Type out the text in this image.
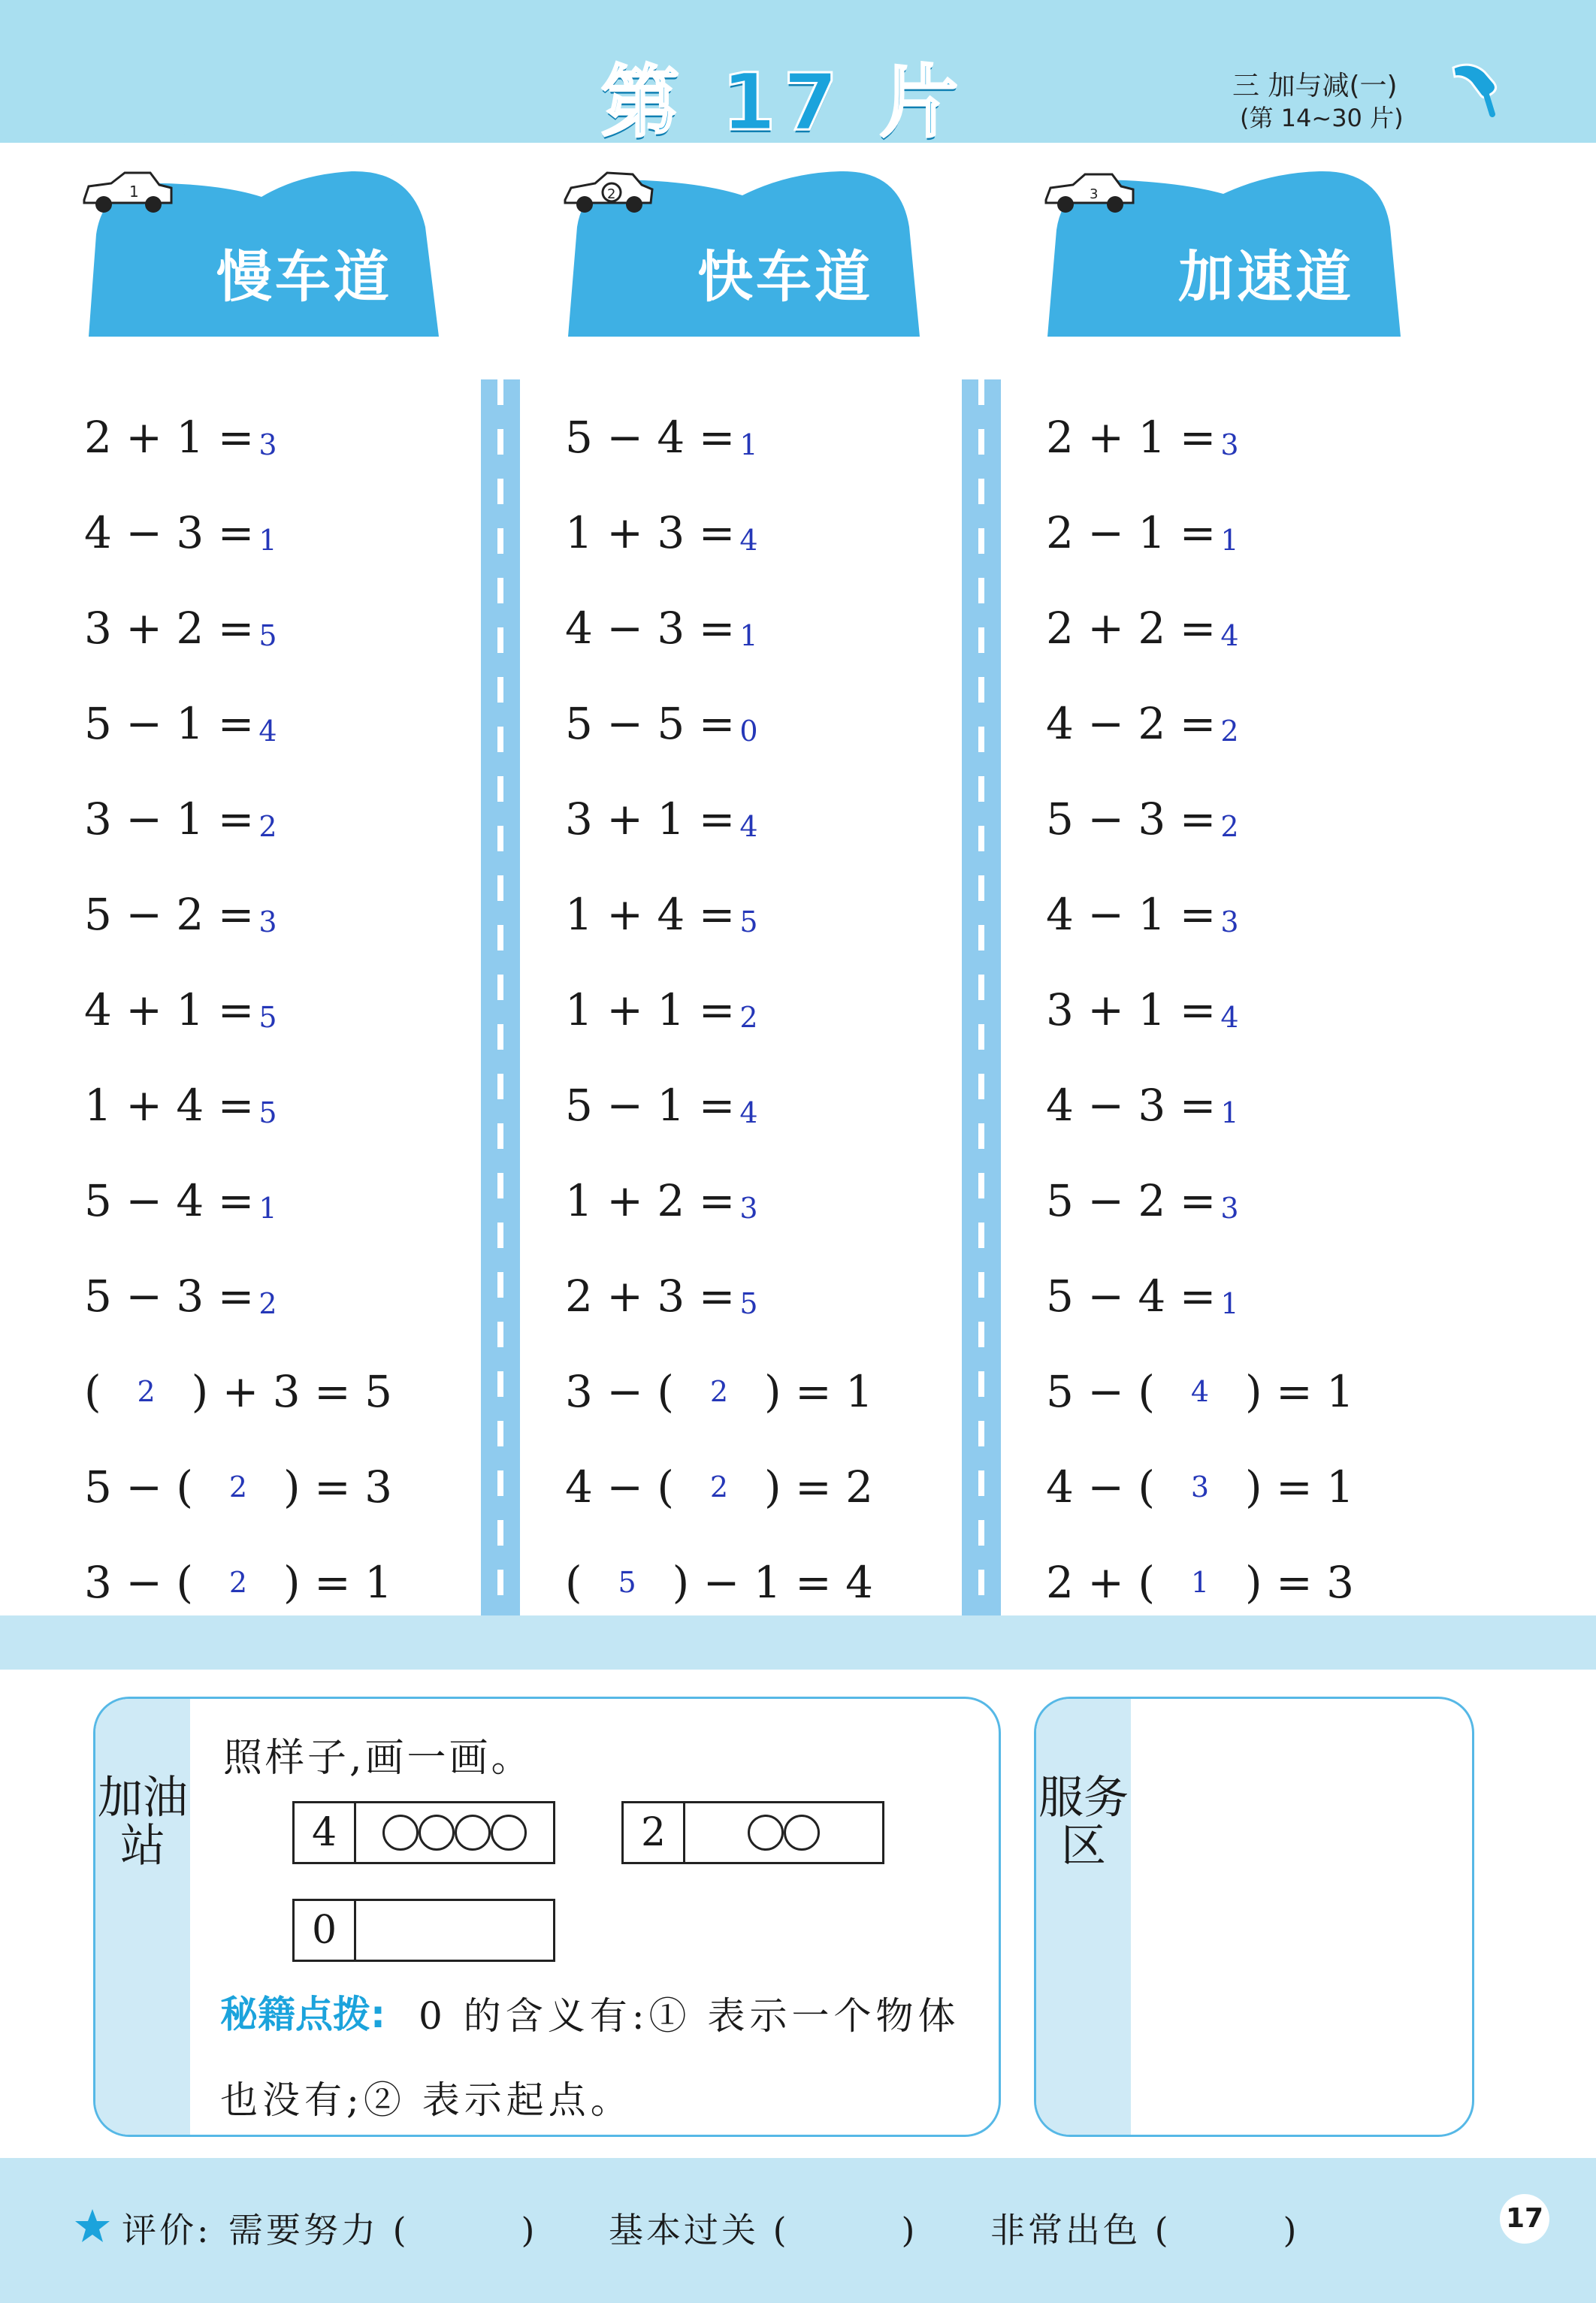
第 17 片	三 加与减(一)
(第 14~30 片)
1
慢车道
2
快车道
3
加速道
2 + 1 = 3
4 − 3 = 1
3 + 2 = 5
5 − 1 = 4
3 − 1 = 2
5 − 2 = 3
4 + 1 = 5
1 + 4 = 5
5 − 4 = 1
5 − 3 = 2
(	2 ) + 3 = 5
5 − (	2 ) = 3
3 − (	2 ) = 1
5 − 4 = 1
1 + 3 = 4
4 − 3 = 1
5 − 5 = 0
3 + 1 = 4
1 + 4 = 5
1 + 1 = 2
5 − 1 = 4
1 + 2 = 3
2 + 3 = 5
3 − (	2 ) = 1
4 − (	2 ) = 2
(	5 ) − 1 = 4
2 + 1 = 3
2 − 1 = 1
2 + 2 = 4
4 − 2 = 2
5 − 3 = 2
4 − 1 = 3
3 + 1 = 4
4 − 3 = 1
5 − 2 = 3
5 − 4 = 1
5 − (	4 ) = 1
4 − (	3 ) = 1
2 + (	1 ) = 3
加油站
照样子,画一画。
4	2
0
秘籍点拨: 0 的含义有:① 表示一个物体
也没有;② 表示起点。
服务区
评价: 需要努力 (        ) 基本过关 (        ) 非常出色 (        )	17
